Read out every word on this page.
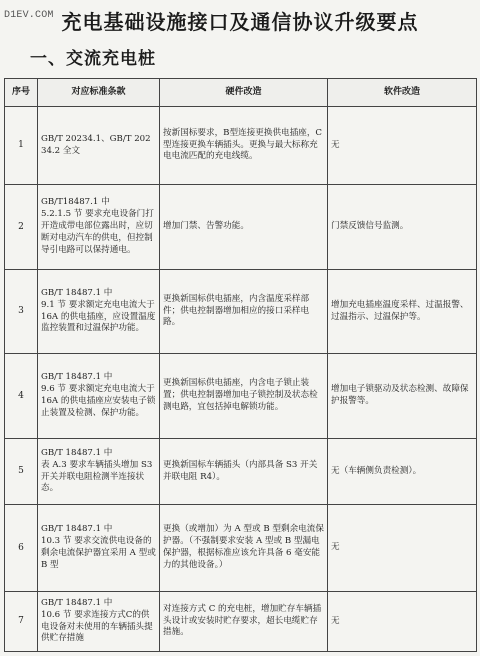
D1EV.COM 充电基础设施接口及通信协议升级要点
一、交流充电桩
序号	对应标准条款	硬件改造	软件改造
1	GB/T 20234.1、GB/T 20234.2 全文	按新国标要求，B型连接更换供电插座，C型连接更换车辆插头。更换与最大标称充电电流匹配的充电线缆。	无
2	GB/T18487.1 中
5.2.1.5 节 要求充电设备门打开造成带电部位露出时，应切断对电动汽车的供电，但控制导引电路可以保持通电。	增加门禁、告警功能。	门禁反馈信号监测。
3	GB/T 18487.1 中
9.1 节 要求额定充电电流大于 16A 的供电插座，应设置温度监控装置和过温保护功能。	更换新国标供电插座，内含温度采样部件；供电控制器增加相应的接口采样电路。	增加充电插座温度采样、过温报警、过温指示、过温保护等。
4	GB/T 18487.1 中
9.6 节 要求额定充电电流大于 16A 的供电插座应安装电子锁止装置及检测、保护功能。	更换新国标供电插座，内含电子锁止装置；供电控制器增加电子锁控制及状态检测电路，宜包括掉电解锁功能。	增加电子锁驱动及状态检测、故障保护报警等。
5	GB/T 18487.1 中
表 A.3 要求车辆插头增加 S3 开关并联电阻检测半连接状态。	更换新国标车辆插头（内部具备 S3 开关并联电阻 R4）。	无（车辆侧负责检测）。
6	GB/T 18487.1 中
10.3 节 要求交流供电设备的剩余电流保护器宜采用 A 型或 B 型	更换（或增加）为 A 型或 B 型剩余电流保护器。（不强制要求安装 A 型或 B 型漏电保护器，根据标准应该允许具备 6 毫安能力的其他设备。）	无
7	GB/T 18487.1 中
10.6 节 要求连接方式C的供电设备对未使用的车辆插头提供贮存措施	对连接方式 C 的充电桩，增加贮存车辆插头设计或安装时贮存要求，超长电缆贮存措施。	无
